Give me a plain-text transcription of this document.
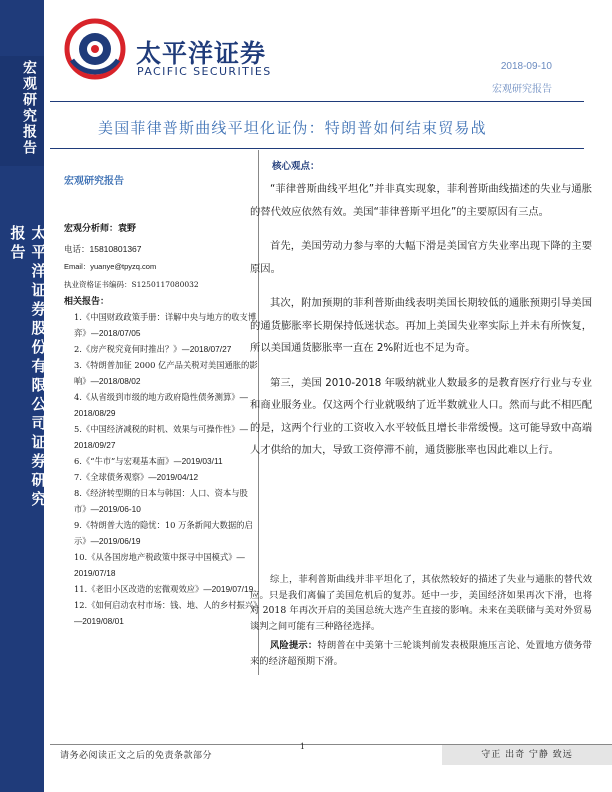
宏观研究报告
太平洋证券股份有限公司证券研究报告
太平洋证券
PACIFIC SECURITIES	2018-09-10
宏观研究报告
美国菲律普斯曲线平坦化证伪：特朗普如何结束贸易战
宏观研究报告
宏观分析师：袁野
电话：15810801367
Email：yuanye@tpyzq.com
执业资格证书编码：S1250117080032
相关报告：
1.《中国财政政策手册：详解中央与地方的收支博弈》—2018/07/05
2.《房产税究竟何时推出？》—2018/07/27
3.《特朗普加征 2000 亿产品关税对美国通胀的影响》—2018/08/02
4.《从省级到市级的地方政府隐性债务测算》—2018/08/29
5.《中国经济减税的时机、效果与可操作性》—2018/09/27
6.《“牛市”与宏观基本面》—2019/03/11
7.《全球债务观察》—2019/04/12
8.《经济转型期的日本与韩国：人口、资本与股市》—2019/06-10
9.《特朗普大选的隐忧：10 万条新闻大数据的启示》—2019/06/19
10.《从各国房地产税政策中探寻中国模式》—2019/07/18
11.《老旧小区改造的宏微观效应》—2019/07/19
12.《如何启动农村市场：钱、地、人的乡村振兴》—2019/08/01
核心观点：

“菲律普斯曲线平坦化”并非真实现象，菲利普斯曲线描述的失业与通胀的替代效应依然有效。美国“菲律普斯平坦化”的主要原因有三点。

首先，美国劳动力参与率的大幅下滑是美国官方失业率出现下降的主要原因。

其次，附加预期的菲利普斯曲线表明美国长期较低的通胀预期引导美国的通货膨胀率长期保持低迷状态。再加上美国失业率实际上并未有所恢复，所以美国通货膨胀率一直在 2%附近也不足为奇。

第三，美国 2010-2018 年吸纳就业人数最多的是教育医疗行业与专业和商业服务业。仅这两个行业就吸纳了近半数就业人口。然而与此不相匹配的是，这两个行业的工资收入水平较低且增长非常缓慢。这可能导致中高端人才供给的加大，导致工资停滞不前，通货膨胀率也因此难以上行。

综上，菲利普斯曲线并非平坦化了，其依然较好的描述了失业与通胀的替代效应。只是我们离偏了美国危机后的复苏。延中一步，美国经济如果再次下滑，也将对 2018 年再次开启的美国总统大选产生直接的影响。未来在美联储与美对外贸易谈判之间可能有三种路径选择。

风险提示：特朗普在中美第十三轮谈判前发表极限施压言论、处置地方债务带来的经济超预期下滑。

请务必阅读正文之后的免责条款部分
1
守正 出奇 宁静 致远
